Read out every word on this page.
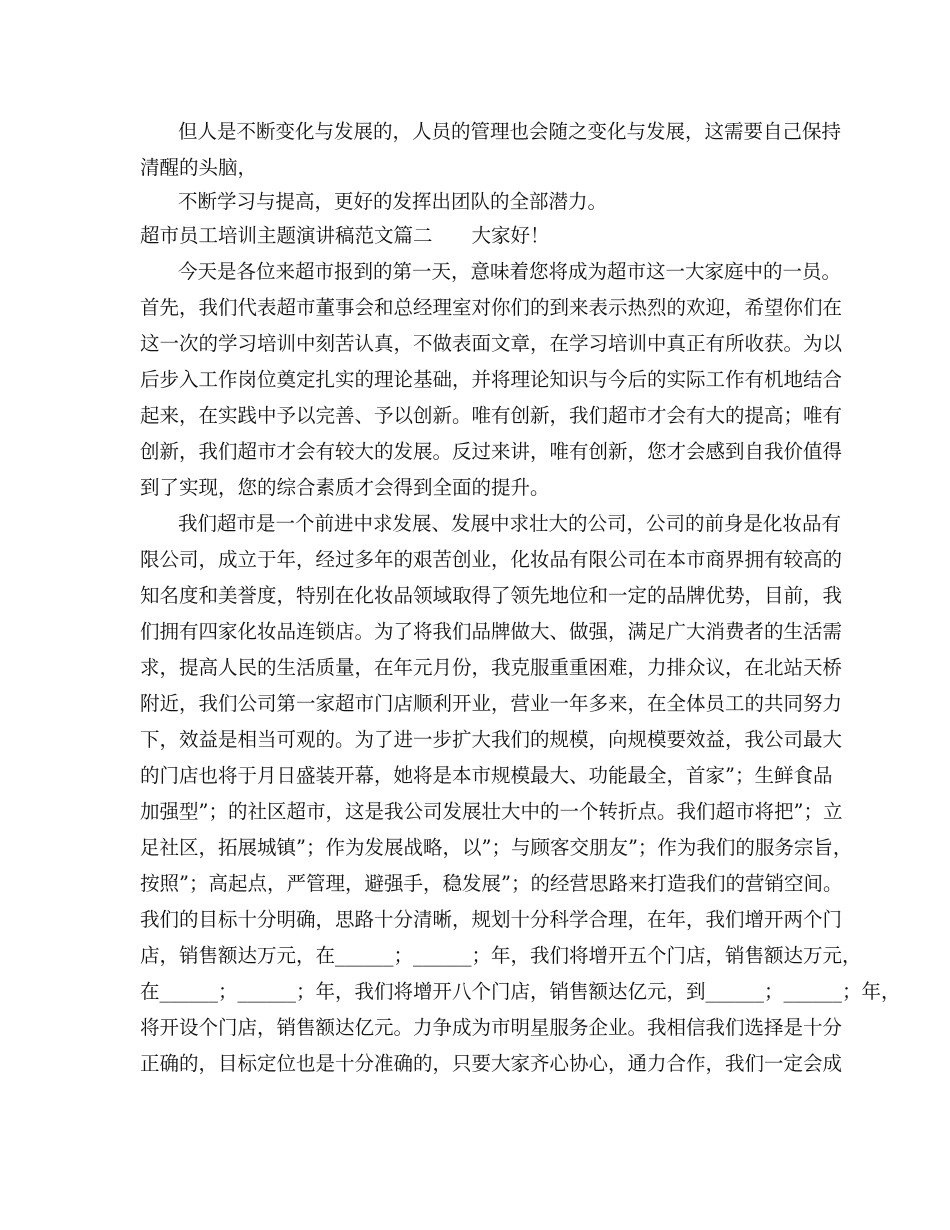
但人是不断变化与发展的，人员的管理也会随之变化与发展，这需要自己保持
清醒的头脑，
不断学习与提高，更好的发挥出团队的全部潜力。
超市员工培训主题演讲稿范文篇二　　大家好！
今天是各位来超市报到的第一天，意味着您将成为超市这一大家庭中的一员。
首先，我们代表超市董事会和总经理室对你们的到来表示热烈的欢迎，希望你们在
这一次的学习培训中刻苦认真，不做表面文章，在学习培训中真正有所收获。为以
后步入工作岗位奠定扎实的理论基础，并将理论知识与今后的实际工作有机地结合
起来，在实践中予以完善、予以创新。唯有创新，我们超市才会有大的提高；唯有
创新，我们超市才会有较大的发展。反过来讲，唯有创新，您才会感到自我价值得
到了实现，您的综合素质才会得到全面的提升。
我们超市是一个前进中求发展、发展中求壮大的公司，公司的前身是化妆品有
限公司，成立于年，经过多年的艰苦创业，化妆品有限公司在本市商界拥有较高的
知名度和美誉度，特别在化妆品领域取得了领先地位和一定的品牌优势，目前，我
们拥有四家化妆品连锁店。为了将我们品牌做大、做强，满足广大消费者的生活需
求，提高人民的生活质量，在年元月份，我克服重重困难，力排众议，在北站天桥
附近，我们公司第一家超市门店顺利开业，营业一年多来，在全体员工的共同努力
下，效益是相当可观的。为了进一步扩大我们的规模，向规模要效益，我公司最大
的门店也将于月日盛装开幕，她将是本市规模最大、功能最全，首家”；生鲜食品
加强型”；的社区超市，这是我公司发展壮大中的一个转折点。我们超市将把”；立
足社区，拓展城镇”；作为发展战略，以”；与顾客交朋友”；作为我们的服务宗旨，
按照”；高起点，严管理，避强手，稳发展”；的经营思路来打造我们的营销空间。
我们的目标十分明确，思路十分清晰，规划十分科学合理，在年，我们增开两个门
店，销售额达万元，在______；______；年，我们将增开五个门店，销售额达万元，
在______；______；年，我们将增开八个门店，销售额达亿元，到______；______；年，
将开设个门店，销售额达亿元。力争成为市明星服务企业。我相信我们选择是十分
正确的，目标定位也是十分准确的，只要大家齐心协心，通力合作，我们一定会成
